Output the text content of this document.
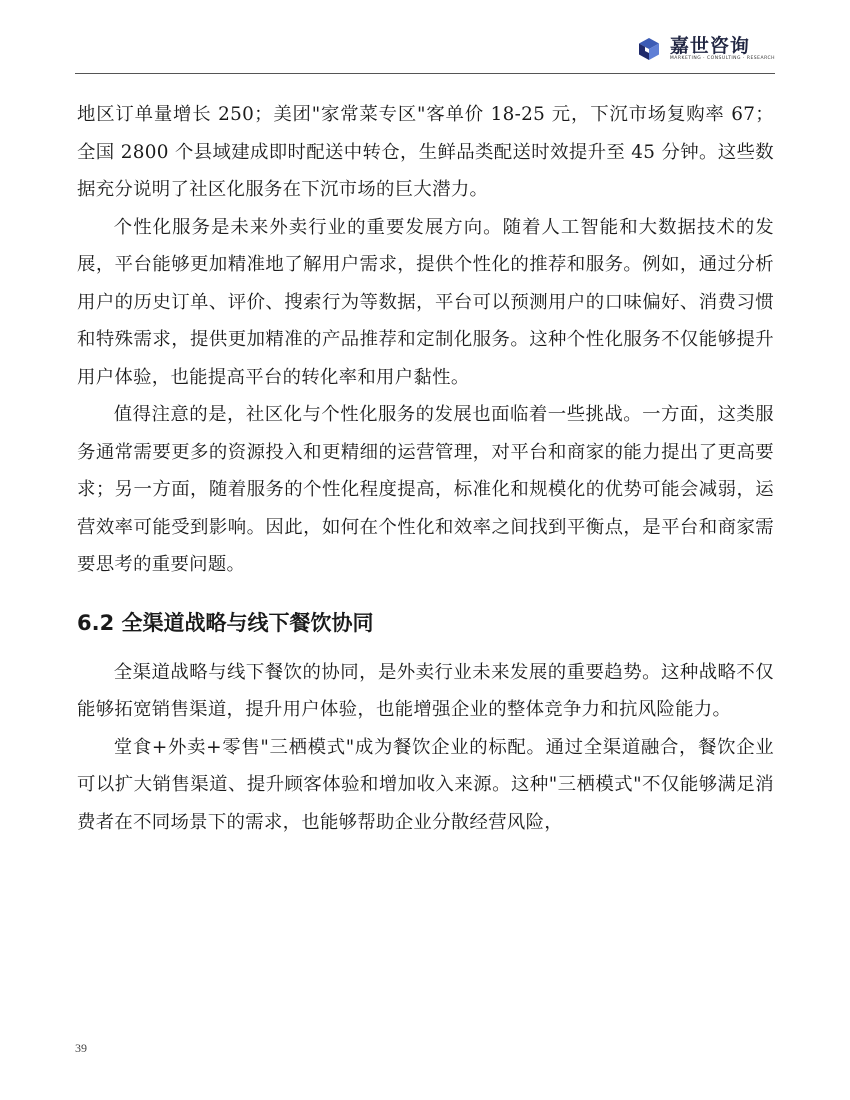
嘉世咨询
MARKETING · CONSULTING · RESEARCH

地区订单量增长 250；美团"家常菜专区"客单价 18-25 元，下沉市场复购率 67；全国 2800 个县域建成即时配送中转仓，生鲜品类配送时效提升至 45 分钟。这些数据充分说明了社区化服务在下沉市场的巨大潜力。

个性化服务是未来外卖行业的重要发展方向。随着人工智能和大数据技术的发展，平台能够更加精准地了解用户需求，提供个性化的推荐和服务。例如，通过分析用户的历史订单、评价、搜索行为等数据，平台可以预测用户的口味偏好、消费习惯和特殊需求，提供更加精准的产品推荐和定制化服务。这种个性化服务不仅能够提升用户体验，也能提高平台的转化率和用户黏性。

值得注意的是，社区化与个性化服务的发展也面临着一些挑战。一方面，这类服务通常需要更多的资源投入和更精细的运营管理，对平台和商家的能力提出了更高要求；另一方面，随着服务的个性化程度提高，标准化和规模化的优势可能会减弱，运营效率可能受到影响。因此，如何在个性化和效率之间找到平衡点，是平台和商家需要思考的重要问题。

6.2 全渠道战略与线下餐饮协同

全渠道战略与线下餐饮的协同，是外卖行业未来发展的重要趋势。这种战略不仅能够拓宽销售渠道，提升用户体验，也能增强企业的整体竞争力和抗风险能力。

堂食+外卖+零售"三栖模式"成为餐饮企业的标配。通过全渠道融合，餐饮企业可以扩大销售渠道、提升顾客体验和增加收入来源。这种"三栖模式"不仅能够满足消费者在不同场景下的需求，也能够帮助企业分散经营风险，

39
